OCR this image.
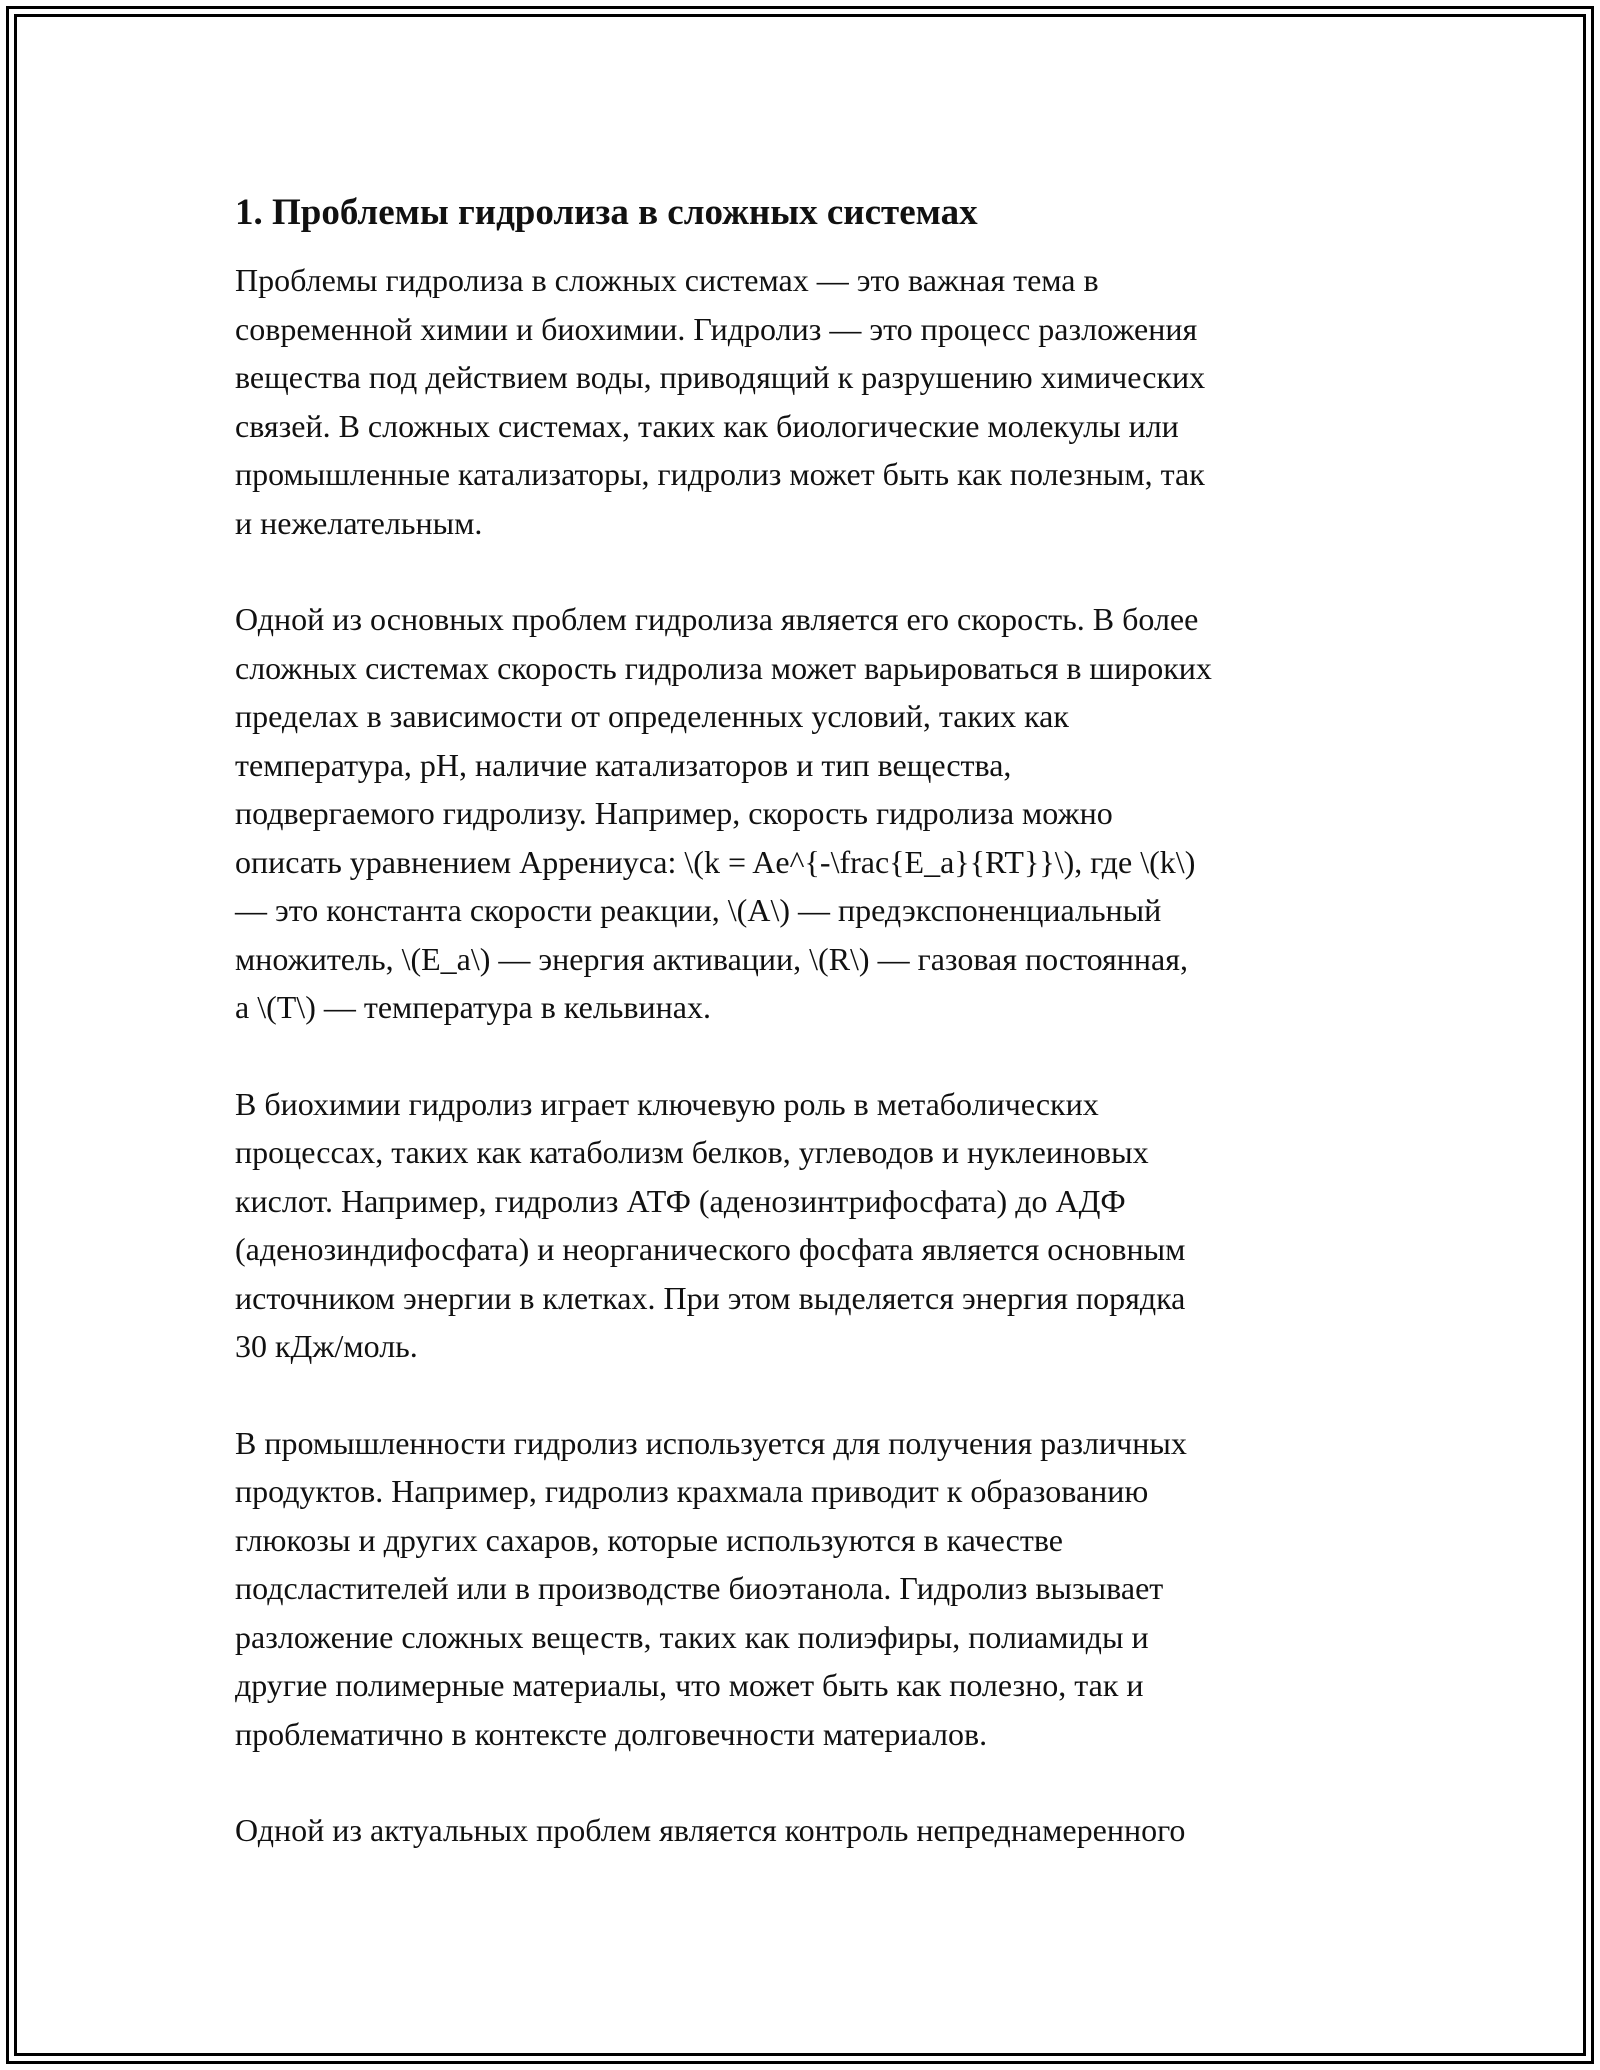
1. Проблемы гидролиза в сложных системах

Проблемы гидролиза в сложных системах — это важная тема в
современной химии и биохимии. Гидролиз — это процесс разложения
вещества под действием воды, приводящий к разрушению химических
связей. В сложных системах, таких как биологические молекулы или
промышленные катализаторы, гидролиз может быть как полезным, так
и нежелательным.

Одной из основных проблем гидролиза является его скорость. В более
сложных системах скорость гидролиза может варьироваться в широких
пределах в зависимости от определенных условий, таких как
температура, pH, наличие катализаторов и тип вещества,
подвергаемого гидролизу. Например, скорость гидролиза можно
описать уравнением Аррениуса: \(k = Ae^{-\frac{E_a}{RT}}\), где \(k\)
— это константа скорости реакции, \(A\) — предэкспоненциальный
множитель, \(E_a\) — энергия активации, \(R\) — газовая постоянная,
а \(T\) — температура в кельвинах.

В биохимии гидролиз играет ключевую роль в метаболических
процессах, таких как катаболизм белков, углеводов и нуклеиновых
кислот. Например, гидролиз АТФ (аденозинтрифосфата) до АДФ
(аденозиндифосфата) и неорганического фосфата является основным
источником энергии в клетках. При этом выделяется энергия порядка
30 кДж/моль.

В промышленности гидролиз используется для получения различных
продуктов. Например, гидролиз крахмала приводит к образованию
глюкозы и других сахаров, которые используются в качестве
подсластителей или в производстве биоэтанола. Гидролиз вызывает
разложение сложных веществ, таких как полиэфиры, полиамиды и
другие полимерные материалы, что может быть как полезно, так и
проблематично в контексте долговечности материалов.

Одной из актуальных проблем является контроль непреднамеренного
